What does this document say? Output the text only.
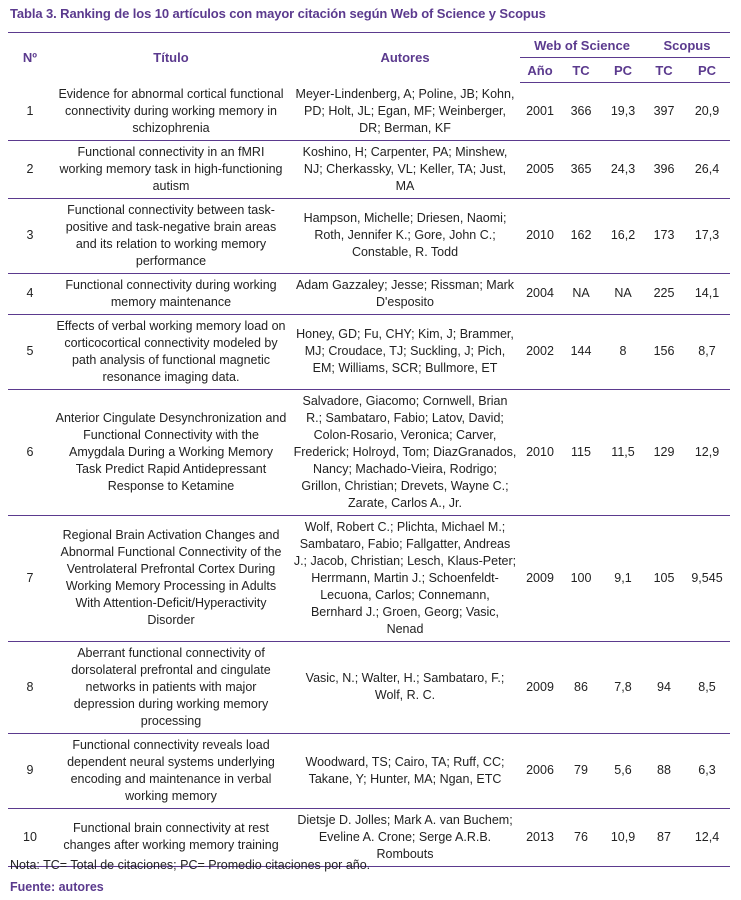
Tabla 3. Ranking de los 10 artículos con mayor citación según Web of Science y Scopus
Nº	Título	Autores	Web of Science			Scopus	
			Año	TC	PC	TC	PC
1	Evidence for abnormal cortical functional connectivity during working memory in schizophrenia	Meyer-Lindenberg, A; Poline, JB; Kohn, PD; Holt, JL; Egan, MF; Weinberger, DR; Berman, KF	2001	366	19,3	397	20,9
2	Functional connectivity in an fMRI working memory task in high-functioning autism	Koshino, H; Carpenter, PA; Minshew, NJ; Cherkassky, VL; Keller, TA; Just, MA	2005	365	24,3	396	26,4
3	Functional connectivity between task-positive and task-negative brain areas and its relation to working memory performance	Hampson, Michelle; Driesen, Naomi; Roth, Jennifer K.; Gore, John C.; Constable, R. Todd	2010	162	16,2	173	17,3
4	Functional connectivity during working memory maintenance	Adam Gazzaley; Jesse; Rissman; Mark D'esposito	2004	NA	NA	225	14,1
5	Effects of verbal working memory load on corticocortical connectivity modeled by path analysis of functional magnetic resonance imaging data.	Honey, GD; Fu, CHY; Kim, J; Brammer, MJ; Croudace, TJ; Suckling, J; Pich, EM; Williams, SCR; Bullmore, ET	2002	144	8	156	8,7
6	Anterior Cingulate Desynchronization and Functional Connectivity with the Amygdala During a Working Memory Task Predict Rapid Antidepressant Response to Ketamine	Salvadore, Giacomo; Cornwell, Brian R.; Sambataro, Fabio; Latov, David; Colon-Rosario, Veronica; Carver, Frederick; Holroyd, Tom; DiazGranados, Nancy; Machado-Vieira, Rodrigo; Grillon, Christian; Drevets, Wayne C.; Zarate, Carlos A., Jr.	2010	115	11,5	129	12,9
7	Regional Brain Activation Changes and Abnormal Functional Connectivity of the Ventrolateral Prefrontal Cortex During Working Memory Processing in Adults With Attention-Deficit/Hyperactivity Disorder	Wolf, Robert C.; Plichta, Michael M.; Sambataro, Fabio; Fallgatter, Andreas J.; Jacob, Christian; Lesch, Klaus-Peter; Herrmann, Martin J.; Schoenfeldt-Lecuona, Carlos; Connemann, Bernhard J.; Groen, Georg; Vasic, Nenad	2009	100	9,1	105	9,545
8	Aberrant functional connectivity of dorsolateral prefrontal and cingulate networks in patients with major depression during working memory processing	Vasic, N.; Walter, H.; Sambataro, F.; Wolf, R. C.	2009	86	7,8	94	8,5
9	Functional connectivity reveals load dependent neural systems underlying encoding and maintenance in verbal working memory	Woodward, TS; Cairo, TA; Ruff, CC; Takane, Y; Hunter, MA; Ngan, ETC	2006	79	5,6	88	6,3
10	Functional brain connectivity at rest changes after working memory training	Dietsje D. Jolles; Mark A. van Buchem; Eveline A. Crone; Serge A.R.B. Rombouts	2013	76	10,9	87	12,4
Nota: TC= Total de citaciones; PC= Promedio citaciones por año.
Fuente: autores
